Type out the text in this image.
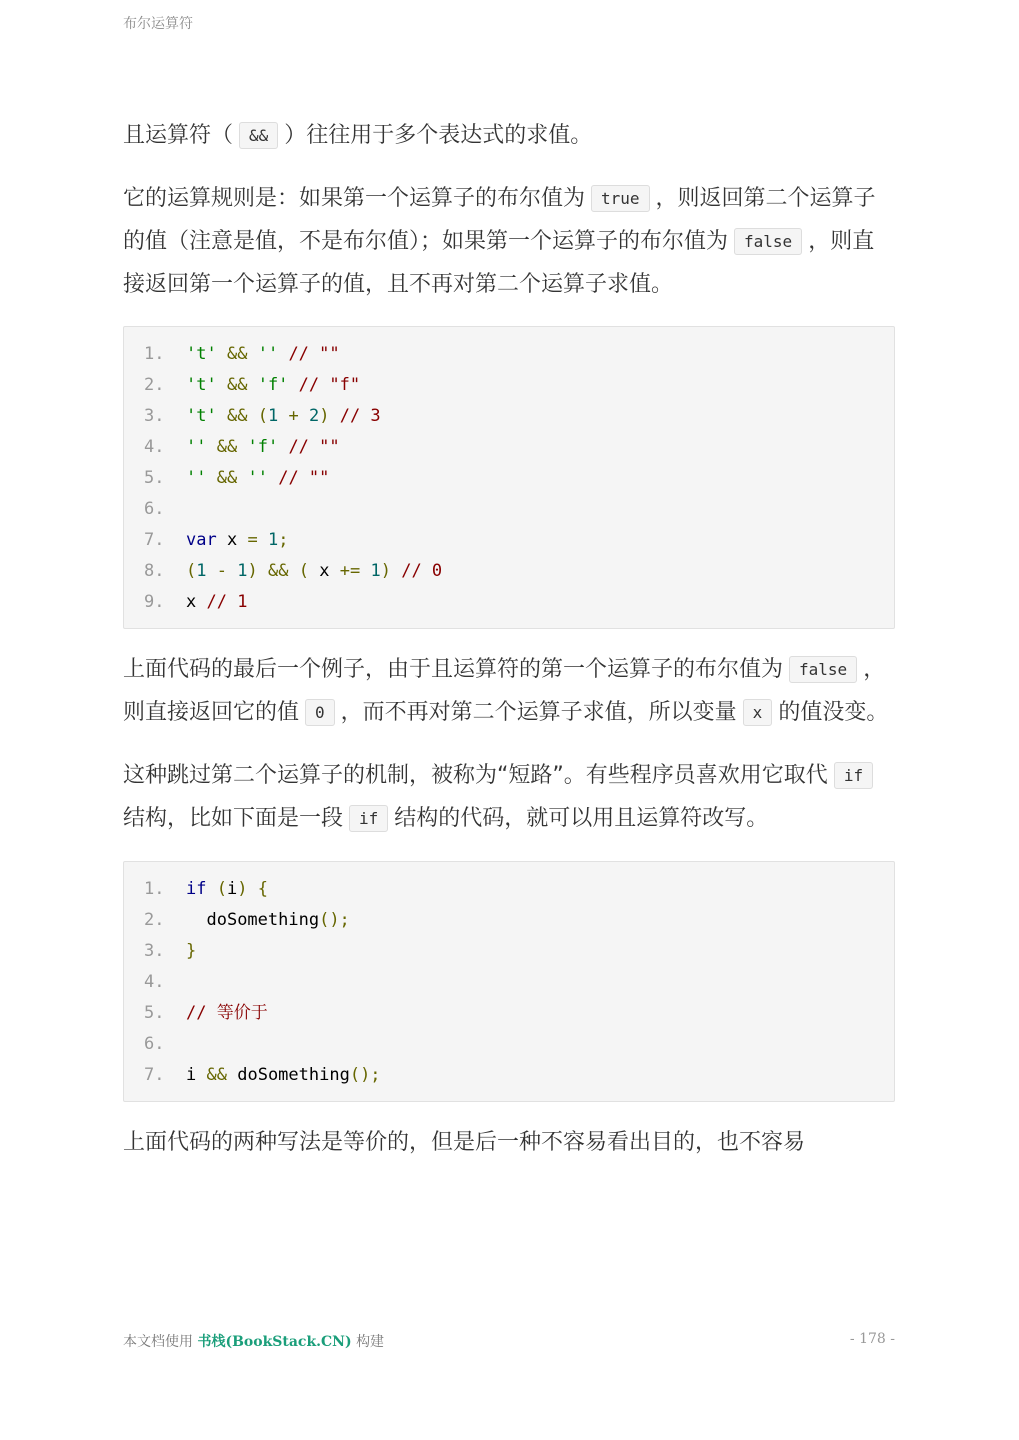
布尔运算符

且运算符（ && ）往往用于多个表达式的求值。

它的运算规则是：如果第一个运算子的布尔值为 true ，则返回第二个运算子的值（注意是值，不是布尔值）；如果第一个运算子的布尔值为 false ，则直接返回第一个运算子的值，且不再对第二个运算子求值。

1. 't' && '' // ""
2. 't' && 'f' // "f"
3. 't' && (1 + 2) // 3
4. '' && 'f' // ""
5. '' && '' // ""
6.
7. var x = 1;
8. (1 - 1) && ( x += 1) // 0
9. x // 1

上面代码的最后一个例子，由于且运算符的第一个运算子的布尔值为 false ，则直接返回它的值 0 ，而不再对第二个运算子求值，所以变量 x 的值没变。

这种跳过第二个运算子的机制，被称为“短路”。有些程序员喜欢用它取代 if结构，比如下面是一段 if 结构的代码，就可以用且运算符改写。

1. if (i) {
2. doSomething();
3. }
4.
5. // 等价于
6.
7. i && doSomething();

上面代码的两种写法是等价的，但是后一种不容易看出目的，也不容易

本文档使用 书栈(BookStack.CN) 构建	- 178 -
